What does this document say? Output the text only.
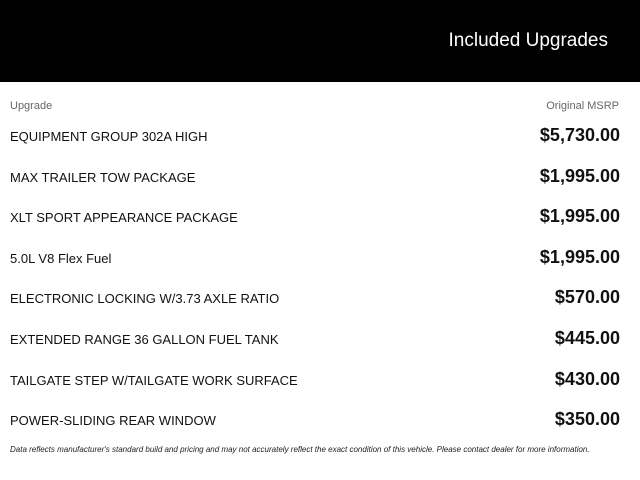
Included Upgrades
Upgrade	Original MSRP
EQUIPMENT GROUP 302A HIGH	$5,730.00
MAX TRAILER TOW PACKAGE	$1,995.00
XLT SPORT APPEARANCE PACKAGE	$1,995.00
5.0L V8 Flex Fuel	$1,995.00
ELECTRONIC LOCKING W/3.73 AXLE RATIO	$570.00
EXTENDED RANGE 36 GALLON FUEL TANK	$445.00
TAILGATE STEP W/TAILGATE WORK SURFACE	$430.00
POWER-SLIDING REAR WINDOW	$350.00
Data reflects manufacturer's standard build and pricing and may not accurately reflect the exact condition of this vehicle. Please contact dealer for more information.
